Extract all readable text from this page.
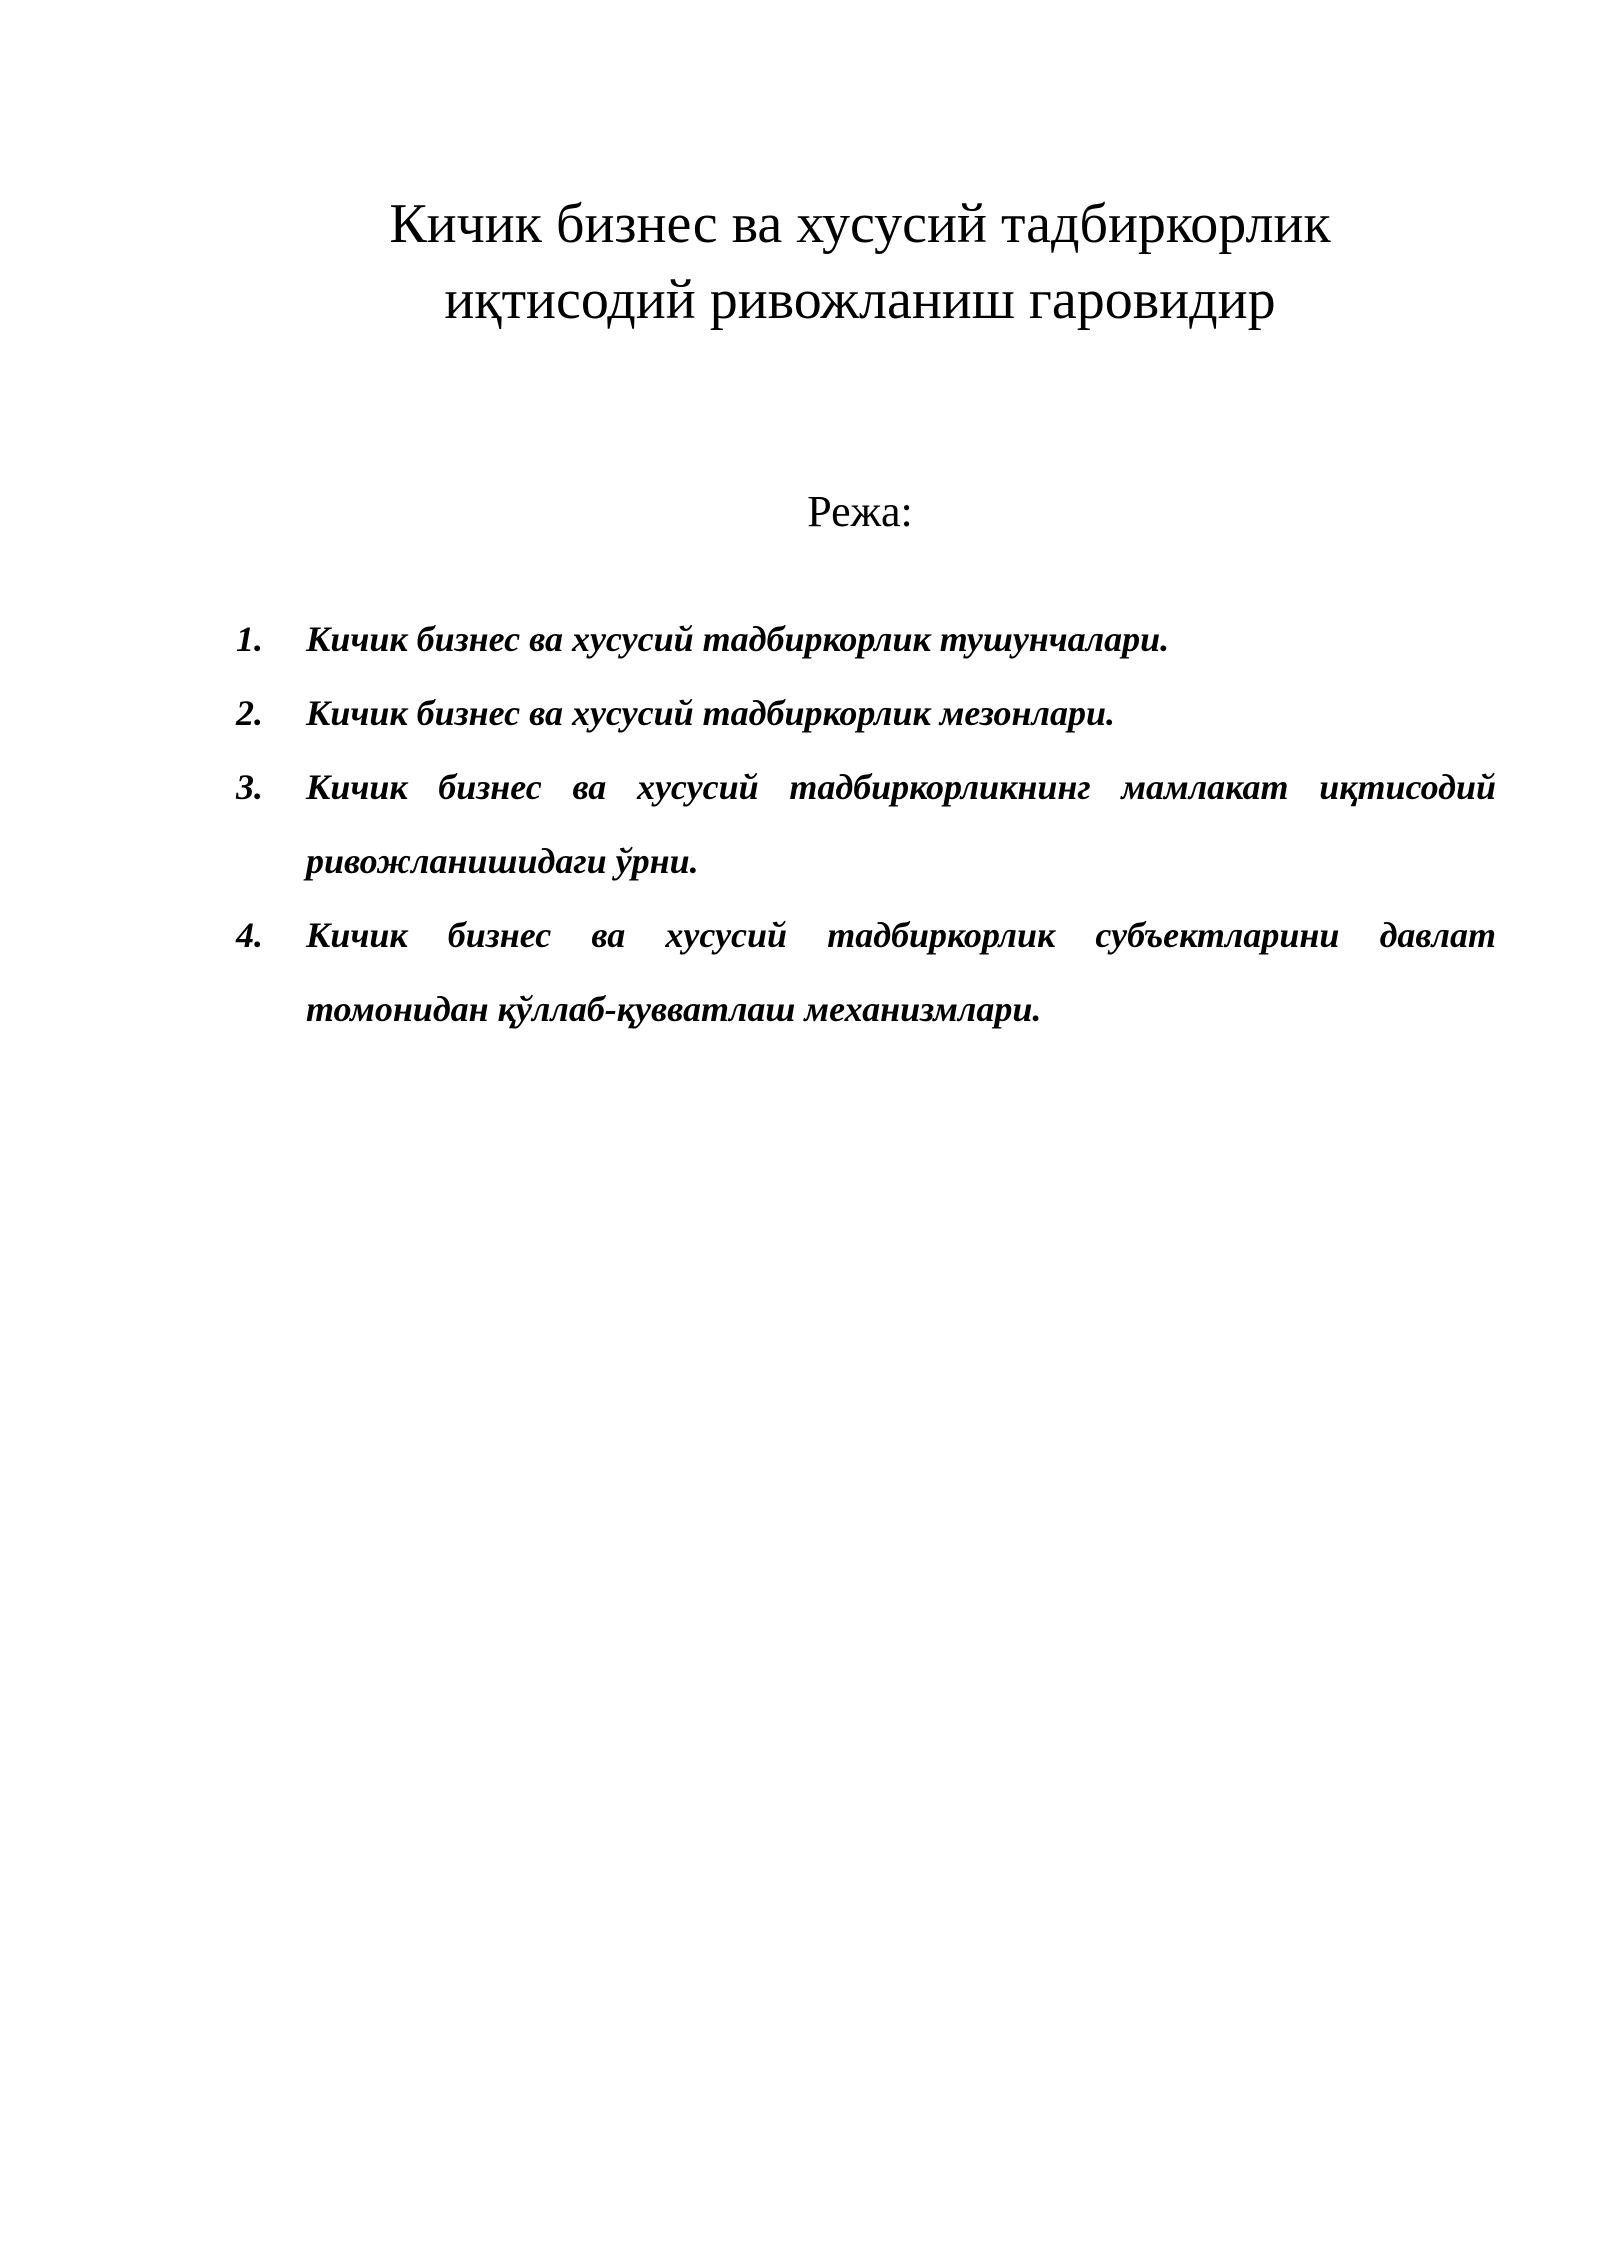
Кичик бизнес ва хусусий тадбиркорлик
иқтисодий ривожланиш гаровидир
Режа:
1.	Кичик бизнес ва хусусий тадбиркорлик тушунчалари.
2.	Кичик бизнес ва хусусий тадбиркорлик мезонлари.
3.	Кичик бизнес ва хусусий тадбиркорликнинг мамлакат иқтисодий ривожланишидаги ўрни.
4.	Кичик бизнес ва хусусий тадбиркорлик субъектларини давлат томонидан қўллаб-қувватлаш механизмлари.
